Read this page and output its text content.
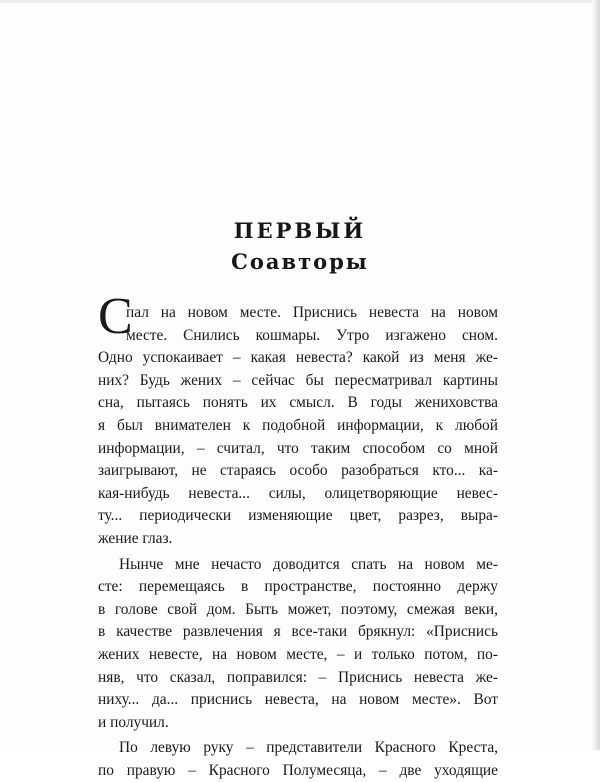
ПЕРВЫЙ
Соавторы
С
пал на новом месте. Приснись невеста на новом
месте. Снились кошмары. Утро изгажено сном.
Одно успокаивает – какая невеста? какой из меня же-
них? Будь жених – сейчас бы пересматривал картины
сна, пытаясь понять их смысл. В годы жениховства
я был внимателен к подобной информации, к любой
информации, – считал, что таким способом со мной
заигрывают, не стараясь особо разобраться кто... ка-
кая-нибудь невеста... силы, олицетворяющие невес-
ту... периодически изменяющие цвет, разрез, выра-
жение глаз.
Нынче мне нечасто доводится спать на новом ме-
сте: перемещаясь в пространстве, постоянно держу
в голове свой дом. Быть может, поэтому, смежая веки,
в качестве развлечения я все-таки брякнул: «Приснись
жених невесте, на новом месте, – и только потом, по-
няв, что сказал, поправился: – Приснись невеста же-
ниху... да... приснись невеста, на новом месте». Вот
и получил.
По левую руку – представители Красного Креста,
по правую – Красного Полумесяца, – две уходящие
